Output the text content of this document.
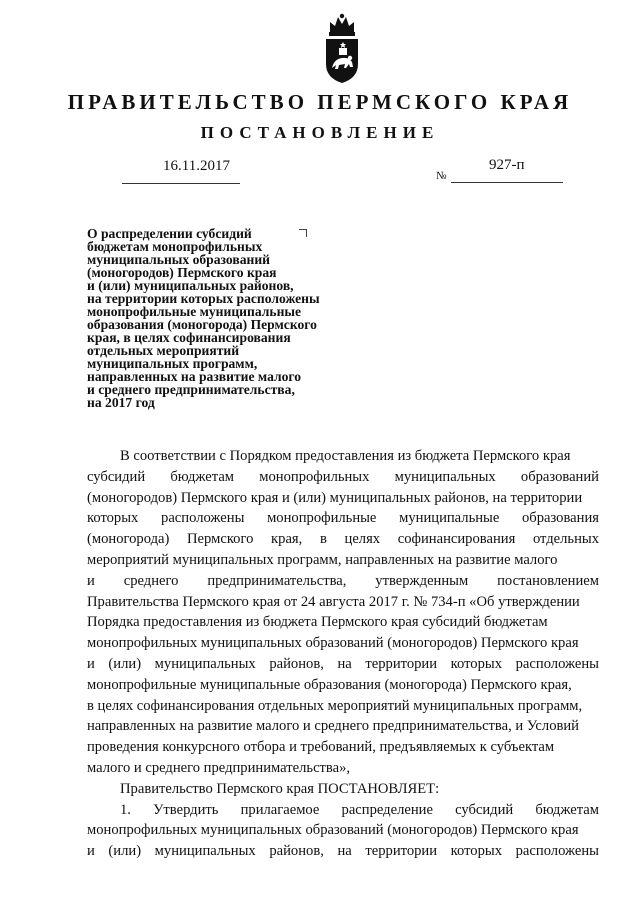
ПРАВИТЕЛЬСТВО ПЕРМСКОГО КРАЯ
ПОСТАНОВЛЕНИЕ
16.11.2017
№
927-п
О распределении субсидий
бюджетам монопрофильных
муниципальных образований
(моногородов) Пермского края
и (или) муниципальных районов,
на территории которых расположены
монопрофильные муниципальные
образования (моногорода) Пермского
края, в целях софинансирования
отдельных мероприятий
муниципальных программ,
направленных на развитие малого
и среднего предпринимательства,
на 2017 год
В соответствии с Порядком предоставления из бюджета Пермского края
субсидий бюджетам монопрофильных муниципальных образований
(моногородов) Пермского края и (или) муниципальных районов, на территории
которых расположены монопрофильные муниципальные образования
(моногорода) Пермского края, в целях софинансирования отдельных
мероприятий муниципальных программ, направленных на развитие малого
и среднего предпринимательства, утвержденным постановлением
Правительства Пермского края от 24 августа 2017 г. № 734-п «Об утверждении
Порядка предоставления из бюджета Пермского края субсидий бюджетам
монопрофильных муниципальных образований (моногородов) Пермского края
и (или) муниципальных районов, на территории которых расположены
монопрофильные муниципальные образования (моногорода) Пермского края,
в целях софинансирования отдельных мероприятий муниципальных программ,
направленных на развитие малого и среднего предпринимательства, и Условий
проведения конкурсного отбора и требований, предъявляемых к субъектам
малого и среднего предпринимательства»,
Правительство Пермского края ПОСТАНОВЛЯЕТ:
1. Утвердить прилагаемое распределение субсидий бюджетам
монопрофильных муниципальных образований (моногородов) Пермского края
и (или) муниципальных районов, на территории которых расположены
